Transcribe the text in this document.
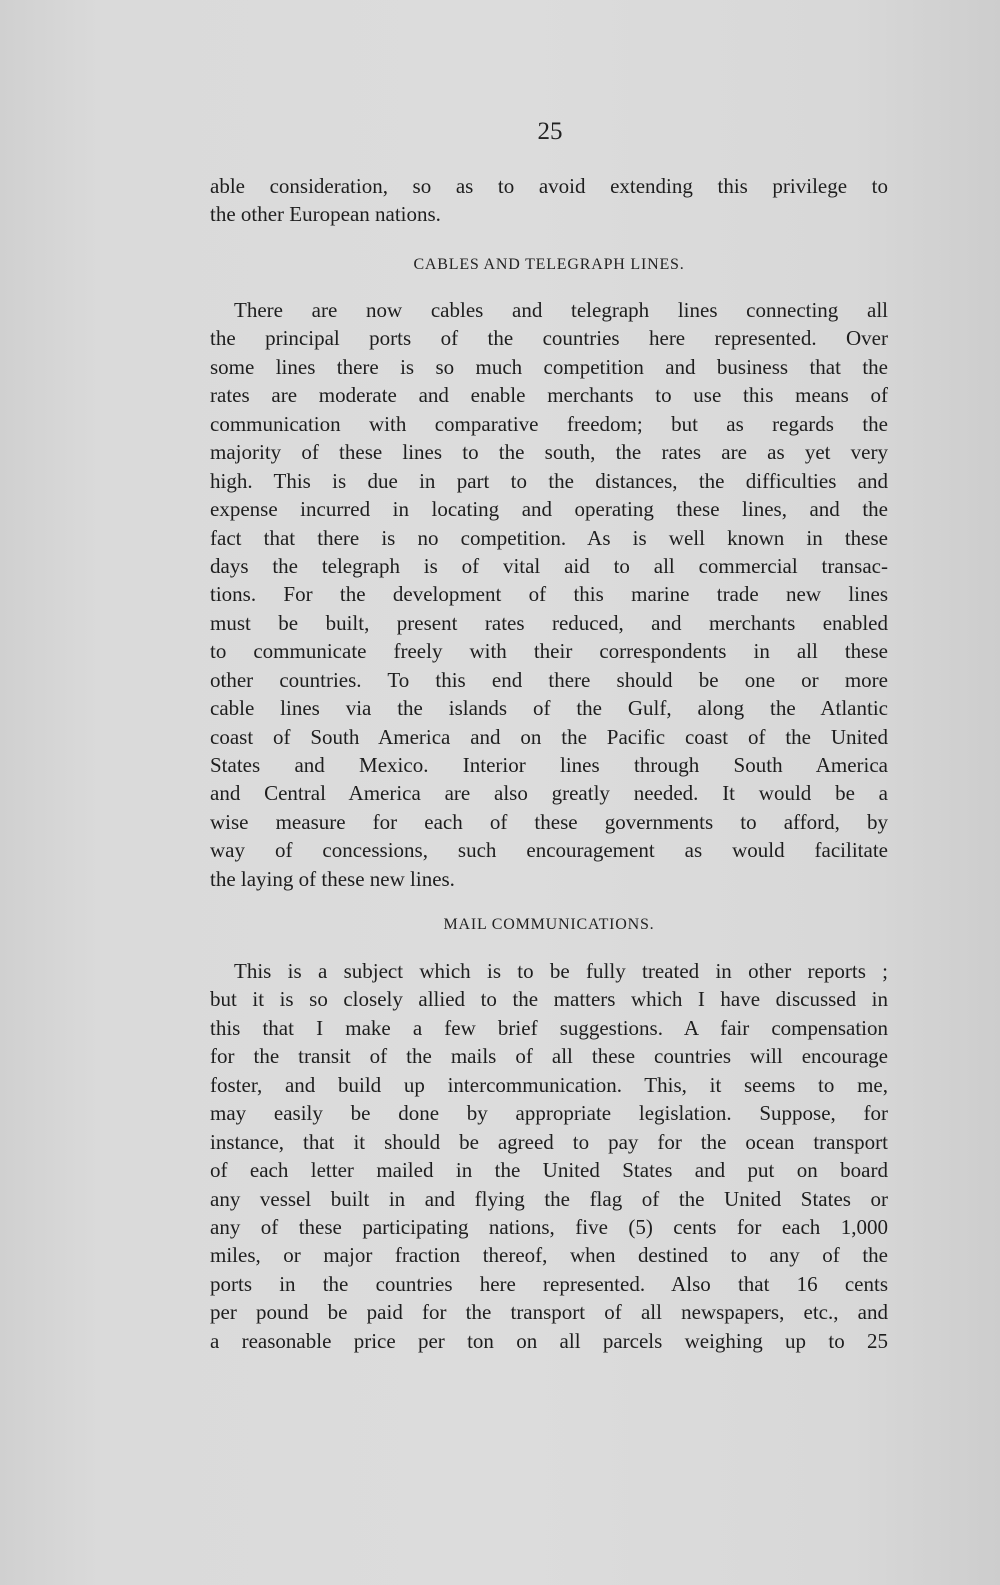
25
able consideration, so as to avoid extending this privilege to
the other European nations.
CABLES AND TELEGRAPH LINES.
There are now cables and telegraph lines connecting all
the principal ports of the countries here represented. Over
some lines there is so much competition and business that the
rates are moderate and enable merchants to use this means of
communication with comparative freedom; but as regards the
majority of these lines to the south, the rates are as yet very
high. This is due in part to the distances, the difficulties and
expense incurred in locating and operating these lines, and the
fact that there is no competition. As is well known in these
days the telegraph is of vital aid to all commercial transac-
tions. For the development of this marine trade new lines
must be built, present rates reduced, and merchants enabled
to communicate freely with their correspondents in all these
other countries. To this end there should be one or more
cable lines via the islands of the Gulf, along the Atlantic
coast of South America and on the Pacific coast of the United
States and Mexico. Interior lines through South America
and Central America are also greatly needed. It would be a
wise measure for each of these governments to afford, by
way of concessions, such encouragement as would facilitate
the laying of these new lines.
MAIL COMMUNICATIONS.
This is a subject which is to be fully treated in other reports ;
but it is so closely allied to the matters which I have discussed in
this that I make a few brief suggestions. A fair compensation
for the transit of the mails of all these countries will encourage
foster, and build up intercommunication. This, it seems to me,
may easily be done by appropriate legislation. Suppose, for
instance, that it should be agreed to pay for the ocean transport
of each letter mailed in the United States and put on board
any vessel built in and flying the flag of the United States or
any of these participating nations, five (5) cents for each 1,000
miles, or major fraction thereof, when destined to any of the
ports in the countries here represented. Also that 16 cents
per pound be paid for the transport of all newspapers, etc., and
a reasonable price per ton on all parcels weighing up to 25
